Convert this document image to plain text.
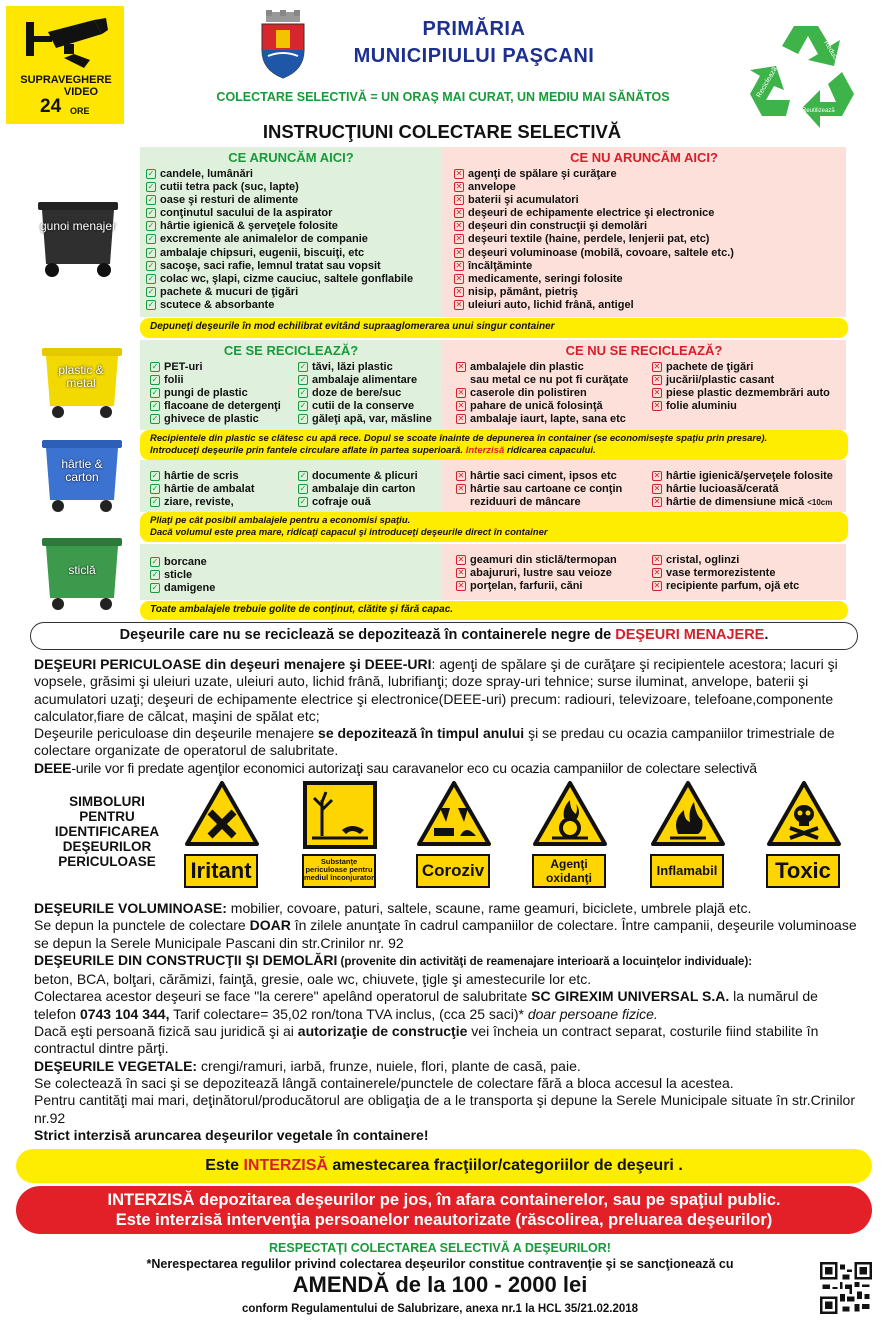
SUPRAVEGHERE
VIDEO
24 ORE
PRIMĂRIA
MUNICIPIULUI PAŞCANI
COLECTARE SELECTIVĂ = UN ORAŞ MAI CURAT, UN MEDIU MAI SĂNĂTOS
Reduce
Reciclează
Reutilizează
INSTRUCŢIUNI COLECTARE SELECTIVĂ
CE ARUNCĂM AICI?
✓ candele, lumânări
✓ cutii tetra pack (suc, lapte)
✓ oase şi resturi de alimente
✓ conţinutul sacului de la aspirator
✓ hârtie igienică & şerveţele folosite
✓ excremente ale animalelor de companie
✓ ambalaje chipsuri, eugenii, biscuiţi, etc
✓ sacoşe, saci rafie, lemnul tratat sau vopsit
✓ colac wc, şlapi, cizme cauciuc, saltele gonflabile
✓ pachete & mucuri de ţigări
✓ scutece & absorbante
CE NU ARUNCĂM AICI?
✕ agenţi de spălare şi curăţare
✕ anvelope
✕ baterii şi acumulatori
✕ deşeuri de echipamente electrice şi electronice
✕ deşeuri din construcţii şi demolări
✕ deşeuri textile (haine, perdele, lenjerii pat, etc)
✕ deşeuri voluminoase (mobilă, covoare, saltele etc.)
✕ încălţăminte
✕ medicamente, seringi folosite
✕ nisip, pământ, pietriş
✕ uleiuri auto, lichid frână, antigel
Depuneţi deşeurile în mod echilibrat evitând supraaglomerarea unui singur container
gunoi menajer
CE SE RECICLEAZĂ?
✓ PET-uri
✓ folii
✓ pungi de plastic
✓ flacoane de detergenţi
✓ ghivece de plastic
✓ tăvi, lăzi plastic
✓ ambalaje alimentare
✓ doze de bere/suc
✓ cutii de la conserve
✓ găleţi apă, var, măsline
CE NU SE RECICLEAZĂ?
✕ ambalajele din plastic
sau metal ce nu pot fi curăţate
✕ caserole din polistiren
✕ pahare de unică folosinţă
✕ ambalaje iaurt, lapte, sana etc
✕ pachete de ţigări
✕ jucării/plastic casant
✕ piese plastic dezmembrări auto
✕ folie aluminiu
Recipientele din plastic se clătesc cu apă rece. Dopul se scoate înainte de depunerea în container (se economiseşte spaţiu prin presare).
Introduceţi deşeurile prin fantele circulare aflate în partea superioară. Interzisă ridicarea capacului.
plastic & metal
✓ hârtie de scris
✓ hârtie de ambalat
✓ ziare, reviste,
✓ documente & plicuri
✓ ambalaje din carton
✓ cofraje ouă
✕ hârtie saci ciment, ipsos etc
✕ hârtie sau cartoane ce conţin
reziduuri de mâncare
✕ hârtie igienică/şerveţele folosite
✕ hârtie lucioasă/cerată
✕ hârtie de dimensiune mică
<10cm
Pliaţi pe cât posibil ambalajele pentru a economisi spaţiu.
Dacă volumul este prea mare, ridicaţi capacul şi introduceţi deşeurile direct în container
hârtie & carton
✓ borcane
✓ sticle
✓ damigene
✕ geamuri din sticlă/termopan
✕ abajururi, lustre sau veioze
✕ porţelan, farfurii, căni
✕ cristal, oglinzi
✕ vase termorezistente
✕ recipiente parfum, ojă etc
Toate ambalajele trebuie golite de conţinut, clătite şi fără capac.
sticlă
Deşeurile care nu se reciclează se depozitează în containerele negre de DEŞEURI MENAJERE.

DEŞEURI PERICULOASE din deşeuri menajere şi DEEE-URI: agenţi de spălare şi de curăţare şi recipientele acestora; lacuri şi vopsele, grăsimi şi uleiuri uzate, uleiuri auto, lichid frână, lubrifianţi; doze spray-uri tehnice; surse iluminat, anvelope, baterii şi acumulatori uzaţi; deşeuri de echipamente electrice şi electronice(DEEE-uri) precum: radiouri, televizoare, telefoane,componente calculator,fiare de călcat, maşini de spălat etc;

Deşeurile periculoase din deşeurile menajere se depozitează în timpul anului şi se predau cu ocazia campaniilor trimestriale de colectare organizate de operatorul de salubritate.

DEEE-urile vor fi predate agenţilor economici autorizaţi sau caravanelor eco cu ocazia campaniilor de colectare selectivă

SIMBOLURI PENTRU IDENTIFICAREA DEŞEURILOR PERICULOASE Iritant	Substanţe periculoase pentru mediul înconjurator	Coroziv	Agenţi oxidanţi	Inflamabil	Toxic

DEŞEURILE VOLUMINOASE: mobilier, covoare, paturi, saltele, scaune, rame geamuri, biciclete, umbrele plajă etc.

Se depun la punctele de colectare DOAR în zilele anunţate în cadrul campaniilor de colectare. Între campanii, deşeurile voluminoase se depun la Serele Municipale Pascani din str.Crinilor nr. 92

DEŞEURILE DIN CONSTRUCŢII ŞI DEMOLĂRI (provenite din activităţi de reamenajare interioară a locuinţelor individuale):

beton, BCA, bolţari, cărămizi, fainţă, gresie, oale wc, chiuvete, ţigle şi amestecurile lor etc.

Colectarea acestor deşeuri se face "la cerere" apelând operatorul de salubritate SC GIREXIM UNIVERSAL S.A. la numărul de telefon 0743 104 344, Tarif colectare= 35,02 ron/tona TVA inclus, (cca 25 saci)* doar persoane fizice.

Dacă eşti persoană fizică sau juridică şi ai autorizaţie de construcţie vei încheia un contract separat, costurile fiind stabilite în contractul dintre părţi.

DEŞEURILE VEGETALE: crengi/ramuri, iarbă, frunze, nuiele, flori, plante de casă, paie.

Se colectează în saci şi se depozitează lângă containerele/punctele de colectare fără a bloca accesul la acestea.

Pentru cantităţi mai mari, deţinătorul/producătorul are obligaţia de a le transporta şi depune la Serele Municipale situate în str.Crinilor nr.92

Strict interzisă aruncarea deşeurilor vegetale în containere!

Este INTERZISĂ amestecarea fracţiilor/categoriilor de deşeuri .
INTERZISĂ depozitarea deşeurilor pe jos, în afara containerelor, sau pe spaţiul public.
Este interzisă intervenţia persoanelor neautorizate (răscolirea, preluarea deşeurilor)
RESPECTAŢI COLECTAREA SELECTIVĂ A DEŞEURILOR!
*Nerespectarea regulilor privind colectarea deşeurilor constitue contravenţie şi se sancţionează cu
AMENDĂ de la 100 - 2000 lei
conform Regulamentului de Salubrizare, anexa nr.1 la HCL 35/21.02.2018
